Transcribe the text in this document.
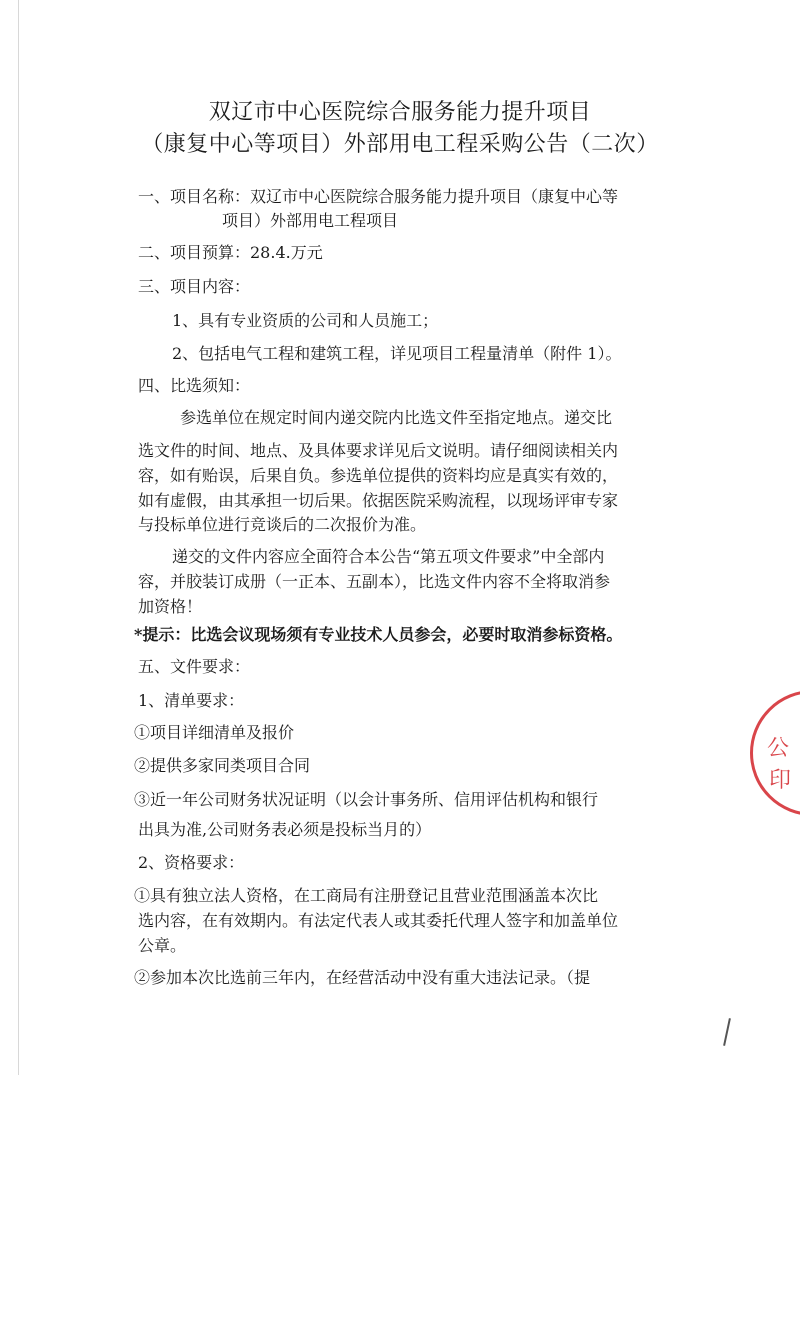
双辽市中心医院综合服务能力提升项目
（康复中心等项目）外部用电工程采购公告（二次）
一、项目名称：双辽市中心医院综合服务能力提升项目（康复中心等
项目）外部用电工程项目
二、项目预算：28.4.万元
三、项目内容：
1、具有专业资质的公司和人员施工；
2、包括电气工程和建筑工程，详见项目工程量清单（附件 1）。
四、比选须知：
参选单位在规定时间内递交院内比选文件至指定地点。递交比
选文件的时间、地点、及具体要求详见后文说明。请仔细阅读相关内
容，如有贻误，后果自负。参选单位提供的资料均应是真实有效的，
如有虚假，由其承担一切后果。依据医院采购流程，以现场评审专家
与投标单位进行竞谈后的二次报价为准。
递交的文件内容应全面符合本公告“第五项文件要求”中全部内
容，并胶装订成册（一正本、五副本），比选文件内容不全将取消参
加资格！
*提示：比选会议现场须有专业技术人员参会，必要时取消参标资格。
五、文件要求：
1、清单要求：
①项目详细清单及报价
②提供多家同类项目合同
③近一年公司财务状况证明（以会计事务所、信用评估机构和银行
出具为准,公司财务表必须是投标当月的）
2、资格要求：
①具有独立法人资格，在工商局有注册登记且营业范围涵盖本次比
选内容，在有效期内。有法定代表人或其委托代理人签字和加盖单位
公章。
②参加本次比选前三年内，在经营活动中没有重大违法记录。（提
公
印
